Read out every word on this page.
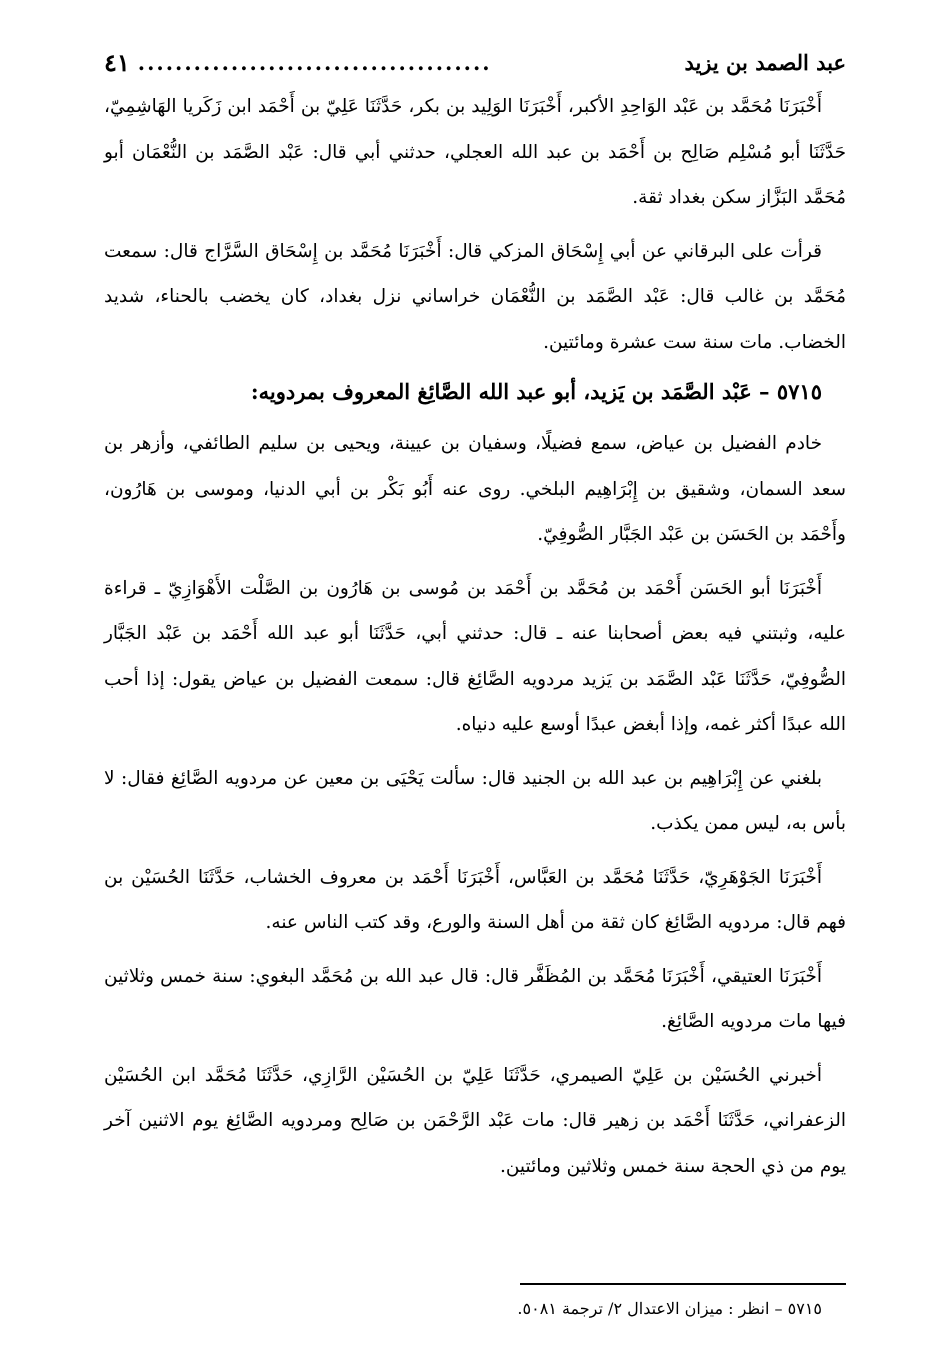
عبد الصمد بن يزيد
......................................
٤١

أَخْبَرَنَا مُحَمَّد بن عَبْد الوَاحِدِ الأكبر، أَخْبَرَنَا الوَلِيد بن بكر، حَدَّثَنَا عَلِيّ بن أَحْمَد ابن زَكَريا الهَاشِمِيّ، حَدَّثَنَا أبو مُسْلِم صَالِح بن أَحْمَد بن عبد الله العجلي، حدثني أبي قال: عَبْد الصَّمَد بن النُّعْمَان أبو مُحَمَّد البَزَّاز سكن بغداد ثقة.

قرأت على البرقاني عن أبي إِسْحَاق المزكي قال: أَخْبَرَنَا مُحَمَّد بن إِسْحَاق السَّرَّاج قال: سمعت مُحَمَّد بن غالب قال: عَبْد الصَّمَد بن النُّعْمَان خراساني نزل بغداد، كان يخضب بالحناء، شديد الخضاب. مات سنة ست عشرة ومائتين.

٥٧١٥ – عَبْد الصَّمَد بن يَزيد، أبو عبد الله الصَّائِغ المعروف بمردويه:

خادم الفضيل بن عياض، سمع فضيلًا، وسفيان بن عيينة، ويحيى بن سليم الطائفي، وأزهر بن سعد السمان، وشقيق بن إِبْرَاهِيم البلخي. روى عنه أَبُو بَكْر بن أبي الدنيا، وموسى بن هَارُون، وأَحْمَد بن الحَسَن بن عَبْد الجَبَّار الصُّوفِيّ.

أَخْبَرَنَا أبو الحَسَن أَحْمَد بن مُحَمَّد بن أَحْمَد بن مُوسى بن هَارُون بن الصَّلْت الأَهْوَازِيّ ـ قراءة عليه، وثبتني فيه بعض أصحابنا عنه ـ قال: حدثني أبي، حَدَّثَنَا أبو عبد الله أَحْمَد بن عَبْد الجَبَّار الصُّوفِيّ، حَدَّثَنَا عَبْد الصَّمَد بن يَزيد مردويه الصَّائِغ قال: سمعت الفضيل بن عياض يقول: إذا أحب الله عبدًا أكثر غمه، وإذا أبغض عبدًا أوسع عليه دنياه.

بلغني عن إِبْرَاهِيم بن عبد الله بن الجنيد قال: سألت يَحْيَى بن معين عن مردويه الصَّائِغ فقال: لا بأس به، ليس ممن يكذب.

أَخْبَرَنَا الجَوْهَرِيّ، حَدَّثَنَا مُحَمَّد بن العَبَّاس، أَخْبَرَنَا أَحْمَد بن معروف الخشاب، حَدَّثَنَا الحُسَيْن بن فهم قال: مردويه الصَّائِغ كان ثقة من أهل السنة والورع، وقد كتب الناس عنه.

أَخْبَرَنَا العتيقي، أَخْبَرَنَا مُحَمَّد بن المُظَفَّر قال: قال عبد الله بن مُحَمَّد البغوي: سنة خمس وثلاثين فيها مات مردويه الصَّائِغ.

أخبرني الحُسَيْن بن عَلِيّ الصيمري، حَدَّثَنَا عَلِيّ بن الحُسَيْن الرَّازِي، حَدَّثَنَا مُحَمَّد ابن الحُسَيْن الزعفراني، حَدَّثَنَا أَحْمَد بن زهير قال: مات عَبْد الرَّحْمَن بن صَالِح ومردويه الصَّائِغ يوم الاثنين آخر يوم من ذي الحجة سنة خمس وثلاثين ومائتين.

٥٧١٥ – انظر : ميزان الاعتدال ٢/ ترجمة ٥٠٨١.
